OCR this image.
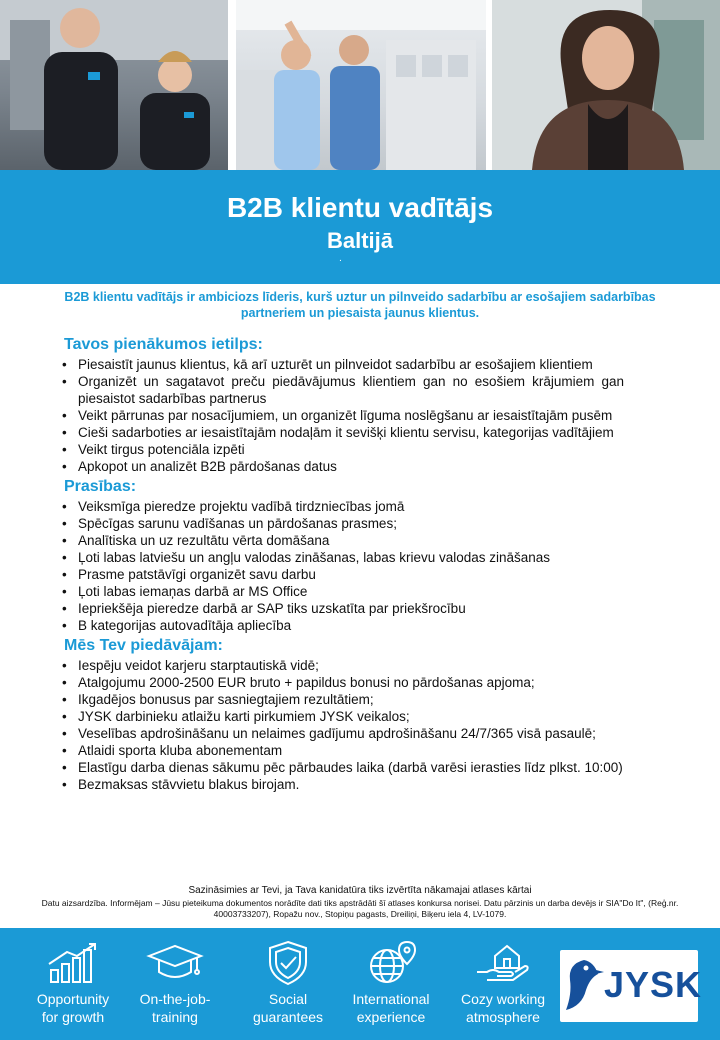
B2B klientu vadītājs
Baltijā
.
B2B klientu vadītājs ir ambiciozs līderis, kurš uztur un pilnveido sadarbību ar esošajiem sadarbības partneriem un piesaista jaunus klientus.
Tavos pienākumos ietilps:
• Piesaistīt jaunus klientus, kā arī uzturēt un pilnveidot sadarbību ar esošajiem klientiem
• Organizēt un sagatavot preču piedāvājumus klientiem gan no esošiem krājumiem gan piesaistot sadarbības partnerus
• Veikt pārrunas par nosacījumiem, un organizēt līguma noslēgšanu ar iesaistītajām pusēm
• Cieši sadarboties ar iesaistītajām nodaļām it sevišķi klientu servisu, kategorijas vadītājiem
• Veikt tirgus potenciāla izpēti
• Apkopot un analizēt B2B pārdošanas datus
Prasības:
• Veiksmīga pieredze projektu vadībā tirdzniecības jomā
• Spēcīgas sarunu vadīšanas un pārdošanas prasmes;
• Analītiska un uz rezultātu vērta domāšana
• Ļoti labas latviešu un angļu valodas zināšanas, labas krievu valodas zināšanas
• Prasme patstāvīgi organizēt savu darbu
• Ļoti labas iemaņas darbā ar MS Office
• Iepriekšēja pieredze darbā ar SAP tiks uzskatīta par priekšrocību
• B kategorijas autovadītāja apliecība
Mēs Tev piedāvājam:
• Iespēju veidot karjeru starptautiskā vidē;
• Atalgojumu 2000-2500 EUR bruto + papildus bonusi no pārdošanas apjoma;
• Ikgadējos bonusus par sasniegtajiem rezultātiem;
• JYSK darbinieku atlaižu karti pirkumiem JYSK veikalos;
• Veselības apdrošināšanu un nelaimes gadījumu apdrošināšanu 24/7/365 visā pasaulē;
• Atlaidi sporta kluba abonementam
• Elastīgu darba dienas sākumu pēc pārbaudes laika (darbā varēsi ierasties līdz plkst. 10:00)
• Bezmaksas stāvvietu blakus birojam.
Sazināsimies ar Tevi, ja Tava kanidatūra tiks izvērtīta nākamajai atlases kārtai
Datu aizsardzība. Informējam – Jūsu pieteikuma dokumentos norādīte dati tiks apstrādāti šī atlases konkursa norisei. Datu pārzinis un darba devējs ir SIA"Do It", (Reģ.nr. 40003733207), Ropažu nov., Stopiņu pagasts, Dreiliņi, Biķeru iela 4, LV-1079.
Opportunity
for growth
On-the-job-
training
Social
guarantees
International
experience
Cozy working
atmosphere
JYSK
